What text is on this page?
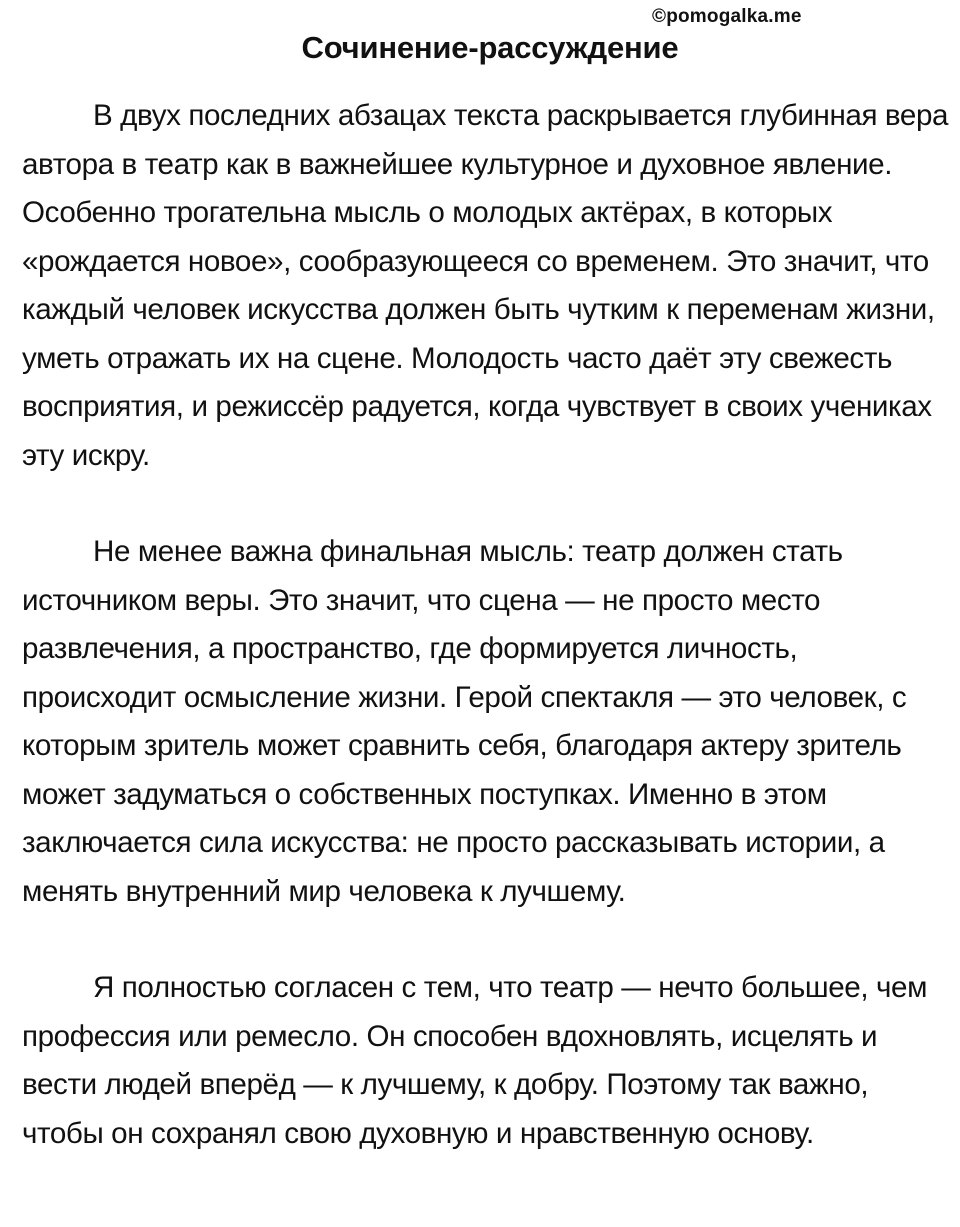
©pomogalka.me
Сочинение-рассуждение

В двух последних абзацах текста раскрывается глубинная вера автора в театр как в важнейшее культурное и духовное явление. Особенно трогательна мысль о молодых актёрах, в которых «рождается новое», сообразующееся со временем. Это значит, что каждый человек искусства должен быть чутким к переменам жизни, уметь отражать их на сцене. Молодость часто даёт эту свежесть восприятия, и режиссёр радуется, когда чувствует в своих учениках эту искру.

Не менее важна финальная мысль: театр должен стать источником веры. Это значит, что сцена — не просто место развлечения, а пространство, где формируется личность, происходит осмысление жизни. Герой спектакля — это человек, с которым зритель может сравнить себя, благодаря актеру зритель может задуматься о собственных поступках. Именно в этом заключается сила искусства: не просто рассказывать истории, а менять внутренний мир человека к лучшему.

Я полностью согласен с тем, что театр — нечто большее, чем профессия или ремесло. Он способен вдохновлять, исцелять и вести людей вперёд — к лучшему, к добру. Поэтому так важно, чтобы он сохранял свою духовную и нравственную основу.
